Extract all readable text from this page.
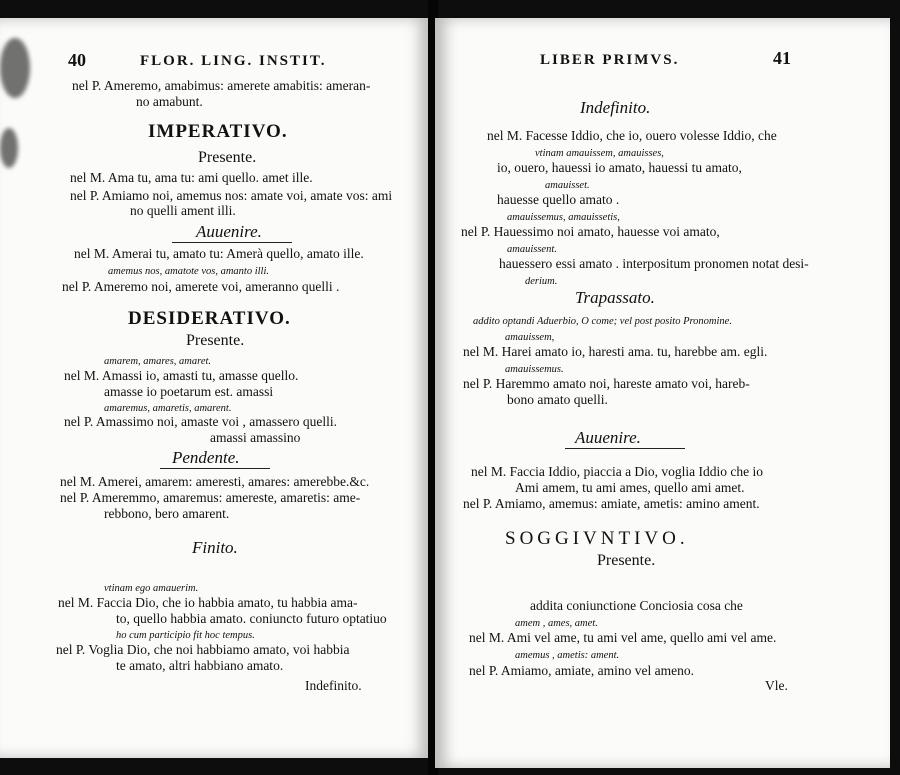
40	FLOR. LING. INSTIT.
nel P. Ameremo, amabimus: amerete amabitis: ameran-
no amabunt.
IMPERATIVO.
Presente.
nel M. Ama tu, ama tu: ami quello. amet ille.
nel P. Amiamo noi, amemus nos: amate voi, amate vos: ami
no quelli ament illi.
Auuenire.
nel M. Amerai tu, amato tu: Amerà quello, amato ille.
amemus nos, amatote vos, amanto illi.
nel P. Ameremo noi, amerete voi, ameranno quelli .
DESIDERATIVO.
Presente.
amarem, amares, amaret.
nel M. Amassi io, amasti tu, amasse quello.
amasse io poetarum est. amassi
amaremus, amaretis, amarent.
nel P. Amassimo noi, amaste voi , amassero quelli.
amassi amassino
Pendente.
nel M. Amerei, amarem: ameresti, amares: amerebbe.&c.
nel P. Ameremmo, amaremus: amereste, amaretis: ame-
rebbono, bero amarent.
Finito.
vtinam ego amauerim.
nel M. Faccia Dio, che io habbia amato, tu habbia ama-
to, quello habbia amato. coniuncto futuro optatiuo
ho cum participio fit hoc tempus.
nel P. Voglia Dio, che noi habbiamo amato, voi habbia
te amato, altri habbiano amato.
Indefinito.
LIBER PRIMVS.	41
Indefinito.
nel M. Facesse Iddio, che io, ouero volesse Iddio, che
vtinam amauissem, amauisses,
io, ouero, hauessi io amato, hauessi tu amato,
amauisset.
hauesse quello amato .
amauissemus, amauissetis,
nel P. Hauessimo noi amato, hauesse voi amato,
amauissent.
hauessero essi amato . interpositum pronomen notat desi-
derium.
Trapassato.
addito optandi Aduerbio, O come; vel post posito Pronomine.
amauissem,
nel M. Harei amato io, haresti ama. tu, harebbe am. egli.
amauissemus.
nel P. Haremmo amato noi, hareste amato voi, hareb-
bono amato quelli.
Auuenire.
nel M. Faccia Iddio, piaccia a Dio, voglia Iddio che io
Ami amem, tu ami ames, quello ami amet.
nel P. Amiamo, amemus: amiate, ametis: amino ament.
SOGGIVNTIVO.
Presente.
addita coniunctione Conciosia cosa che
amem , ames, amet.
nel M. Ami vel ame, tu ami vel ame, quello ami vel ame.
amemus , ametis: ament.
nel P. Amiamo, amiate, amino vel ameno.
Vle.
